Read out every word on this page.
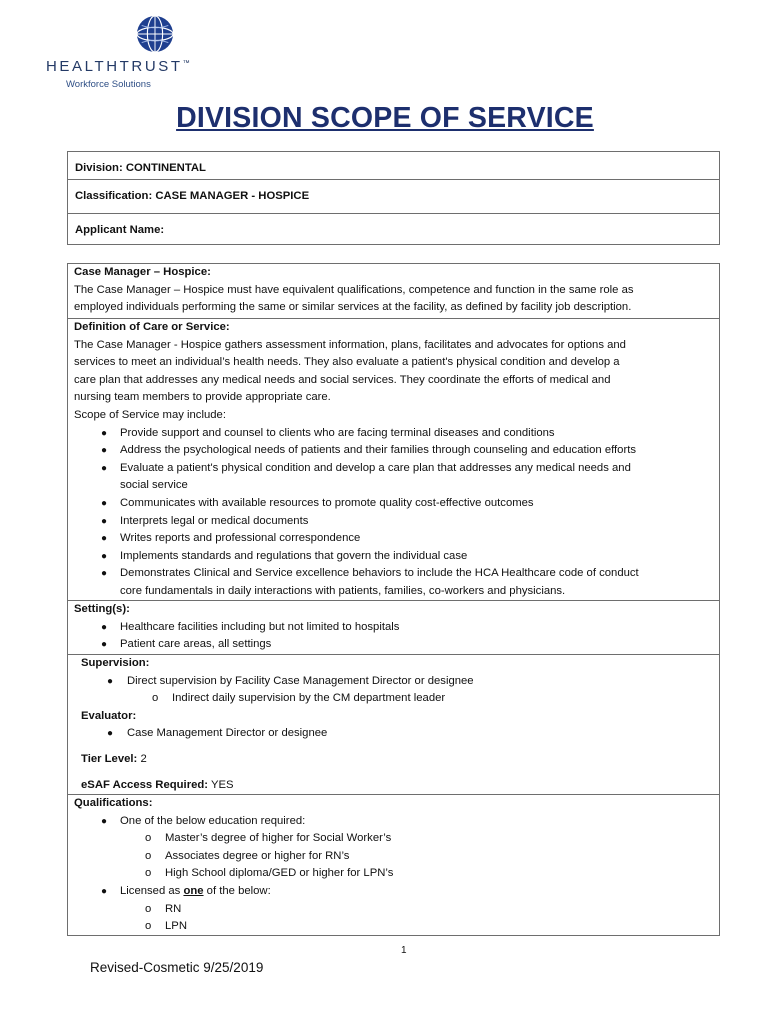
HEALTHTRUST™
Workforce Solutions
DIVISION SCOPE OF SERVICE
Division: CONTINENTAL
Classification: CASE MANAGER - HOSPICE
Applicant Name:
Case Manager – Hospice:
The Case Manager – Hospice must have equivalent qualifications, competence and function in the same role as
employed individuals performing the same or similar services at the facility, as defined by facility job description.
Definition of Care or Service:
The Case Manager - Hospice gathers assessment information, plans, facilitates and advocates for options and
services to meet an individual’s health needs. They also evaluate a patient's physical condition and develop a
care plan that addresses any medical needs and social services. They coordinate the efforts of medical and
nursing team members to provide appropriate care.
Scope of Service may include:
● Provide support and counsel to clients who are facing terminal diseases and conditions
● Address the psychological needs of patients and their families through counseling and education efforts
● Evaluate a patient's physical condition and develop a care plan that addresses any medical needs and
social service
● Communicates with available resources to promote quality cost-effective outcomes
● Interprets legal or medical documents
● Writes reports and professional correspondence
● Implements standards and regulations that govern the individual case
● Demonstrates Clinical and Service excellence behaviors to include the HCA Healthcare code of conduct
core fundamentals in daily interactions with patients, families, co-workers and physicians.
Setting(s):
● Healthcare facilities including but not limited to hospitals
● Patient care areas, all settings
Supervision:
● Direct supervision by Facility Case Management Director or designee
o Indirect daily supervision by the CM department leader
Evaluator:
● Case Management Director or designee
Tier Level: 2
eSAF Access Required: YES
Qualifications:
● One of the below education required:
o Master’s degree of higher for Social Worker’s
o Associates degree or higher for RN’s
o High School diploma/GED or higher for LPN’s
● Licensed as one of the below:
o RN
o LPN
1
Revised-Cosmetic 9/25/2019
